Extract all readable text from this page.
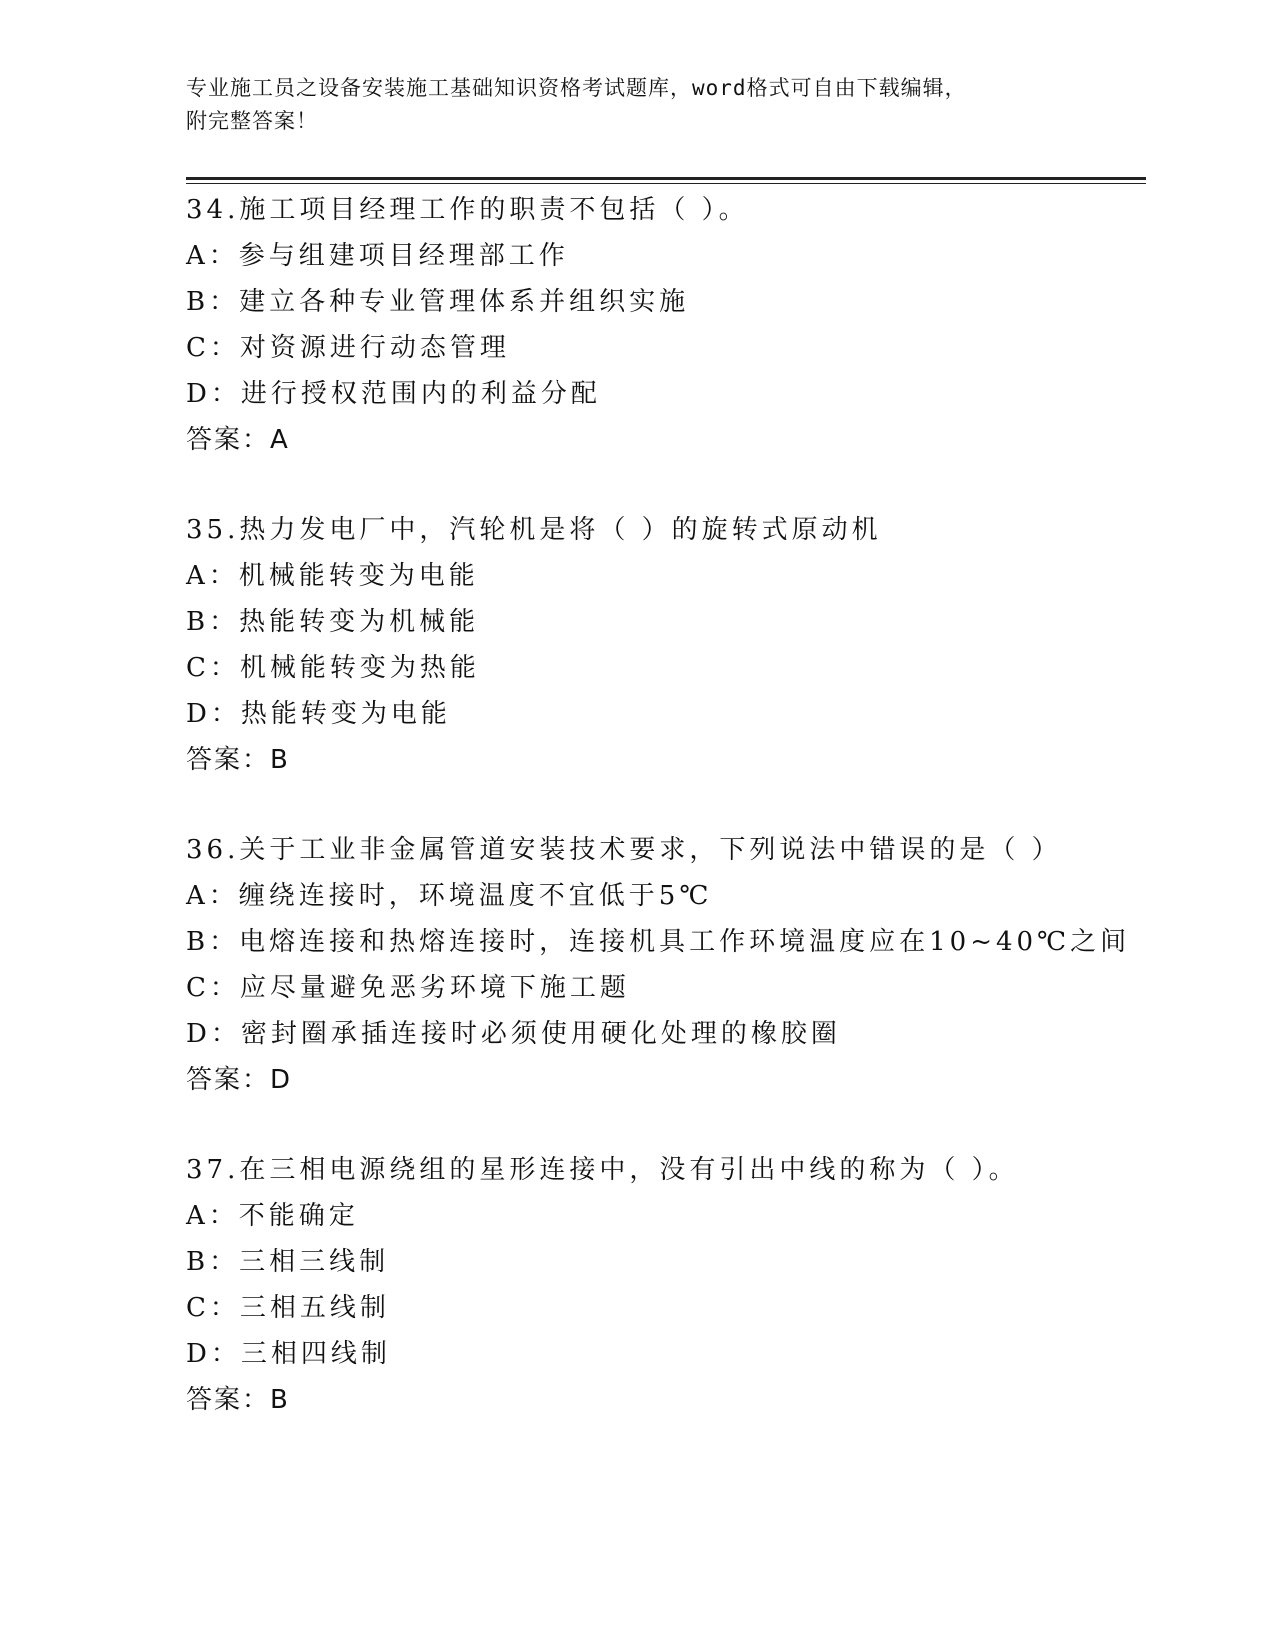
专业施工员之设备安装施工基础知识资格考试题库，word格式可自由下载编辑，
附完整答案！
34.施工项目经理工作的职责不包括（ ）。
A：参与组建项目经理部工作
B：建立各种专业管理体系并组织实施
C：对资源进行动态管理
D：进行授权范围内的利益分配
答案：A
35.热力发电厂中，汽轮机是将（ ）的旋转式原动机
A：机械能转变为电能
B：热能转变为机械能
C：机械能转变为热能
D：热能转变为电能
答案：B
36.关于工业非金属管道安装技术要求，下列说法中错误的是（ ）
A：缠绕连接时，环境温度不宜低于5℃
B：电熔连接和热熔连接时，连接机具工作环境温度应在10~40℃之间
C：应尽量避免恶劣环境下施工题
D：密封圈承插连接时必须使用硬化处理的橡胶圈
答案：D
37.在三相电源绕组的星形连接中，没有引出中线的称为（ ）。
A：不能确定
B：三相三线制
C：三相五线制
D：三相四线制
答案：B
